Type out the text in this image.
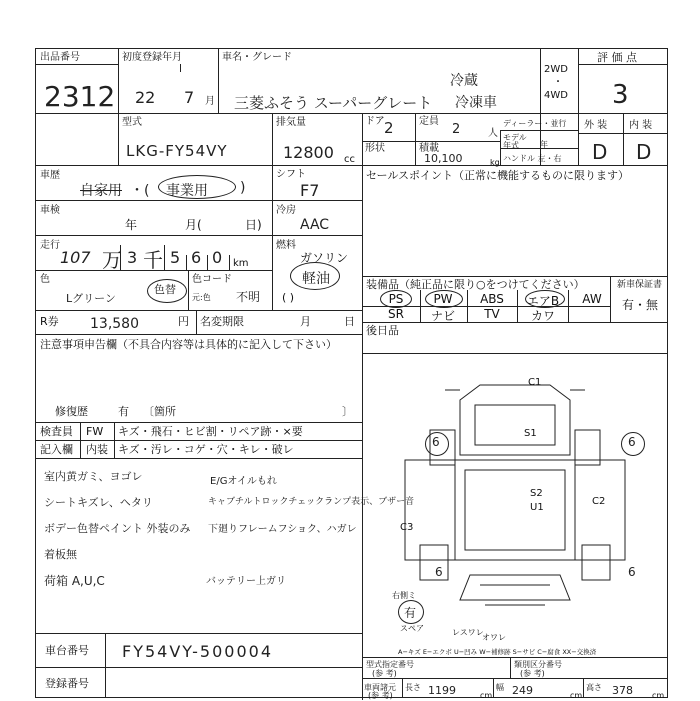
出品番号
2312
初度登録年月
22 7 月
車名・グレード
三菱ふそう スーパーグレート
冷蔵
冷凍車
2WD
・
4WD
評 価 点
3
型式
LKG-FY54VY
排気量
12800 cc
ドア 2	定員
2	人
ディーラー・並行
モデル年式	年
外 装 内 装
D D
形状	積載
10,100	kg ハンドル 左・右
車歴
自家用 ・( 事業用 )
シフト
F7
セールスポイント（正常に機能するものに限ります）
車検
年	月(	日)
冷房
AAC
走行
107 万 3 千 5 6 0 km
燃料
ガソリン
軽油
( )
色
Lグリーン
色替
色コード
元:色 不明
装備品（純正品に限り○をつけてください）	新車保証書
有・無
PS	PW	ABS	エアB	AW
SR	ナビ	TV	カワ
R券 13,580	円 名変期限	月	日
後日品
注意事項申告欄（不具合内容等は具体的に記入して下さい）
修復歴	有 〔箇所	〕
検査員 FW キズ・飛石・ヒビ割・リペア跡・×要
記入欄 内装 キズ・汚レ・コゲ・穴・キレ・破レ
室内黄ガミ、ヨゴレ
シートキズレ、ヘタリ
ボデー色替ペイント 外装のみ
着板無
荷箱 A,U,C
E/Gオイルもれ
キャブチルトロックチェックランプ表示、ブザー音
下廻りフレームフショク、ハガレ
バッテリー上ガリ
C1
S1
S2
U1
C2
C3
6	6
6	6
右側ミ
有
スペア	レスワレ
オワレ
A−キズ E−エクボ U−凹み W−補修跡 S−サビ C−腐食 XX−交換済
車台番号 FY54VY-500004
登録番号
型式指定番号
(参 考)
類別区分番号
(参 考)
車両諸元
(参 考)
長さ 1199	cm
幅 249	cm
高さ 378 cm
